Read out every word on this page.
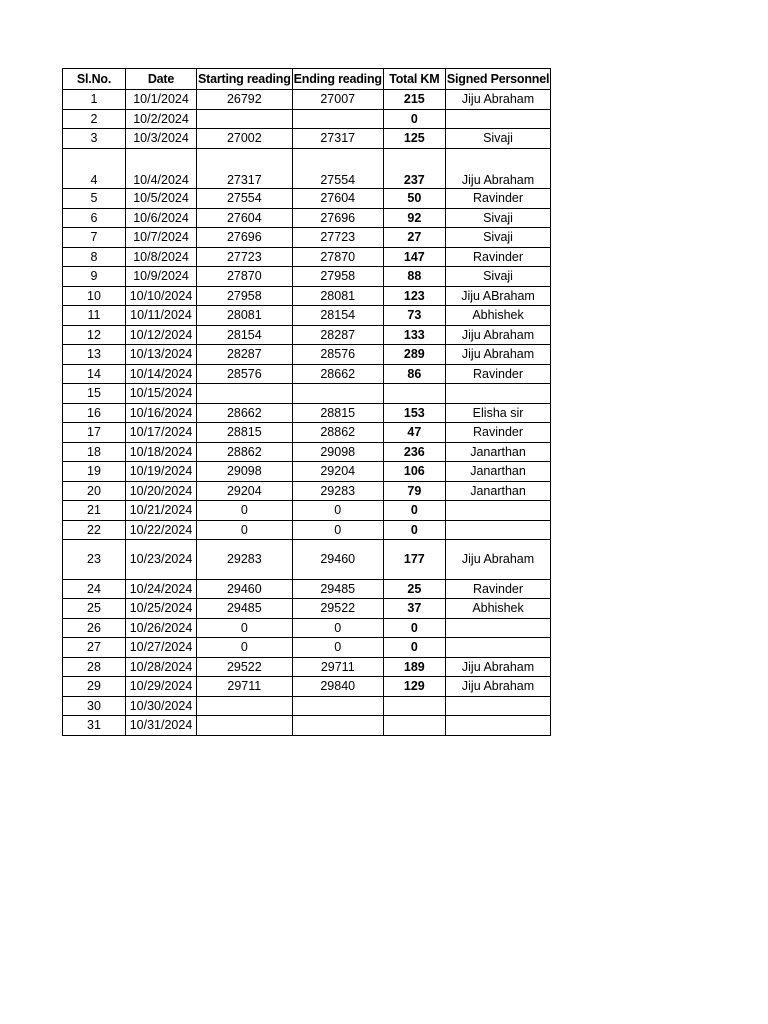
Sl.No.	Date	Starting reading	Ending reading	Total KM	Signed Personnel
1	10/1/2024	26792	27007	215	Jiju Abraham
2	10/2/2024			0	
3	10/3/2024	27002	27317	125	Sivaji
4	10/4/2024	27317	27554	237	Jiju Abraham
5	10/5/2024	27554	27604	50	Ravinder
6	10/6/2024	27604	27696	92	Sivaji
7	10/7/2024	27696	27723	27	Sivaji
8	10/8/2024	27723	27870	147	Ravinder
9	10/9/2024	27870	27958	88	Sivaji
10	10/10/2024	27958	28081	123	Jiju ABraham
11	10/11/2024	28081	28154	73	Abhishek
12	10/12/2024	28154	28287	133	Jiju Abraham
13	10/13/2024	28287	28576	289	Jiju Abraham
14	10/14/2024	28576	28662	86	Ravinder
15	10/15/2024				
16	10/16/2024	28662	28815	153	Elisha sir
17	10/17/2024	28815	28862	47	Ravinder
18	10/18/2024	28862	29098	236	Janarthan
19	10/19/2024	29098	29204	106	Janarthan
20	10/20/2024	29204	29283	79	Janarthan
21	10/21/2024	0	0	0	
22	10/22/2024	0	0	0	
23	10/23/2024	29283	29460	177	Jiju Abraham
24	10/24/2024	29460	29485	25	Ravinder
25	10/25/2024	29485	29522	37	Abhishek
26	10/26/2024	0	0	0	
27	10/27/2024	0	0	0	
28	10/28/2024	29522	29711	189	Jiju Abraham
29	10/29/2024	29711	29840	129	Jiju Abraham
30	10/30/2024				
31	10/31/2024				
